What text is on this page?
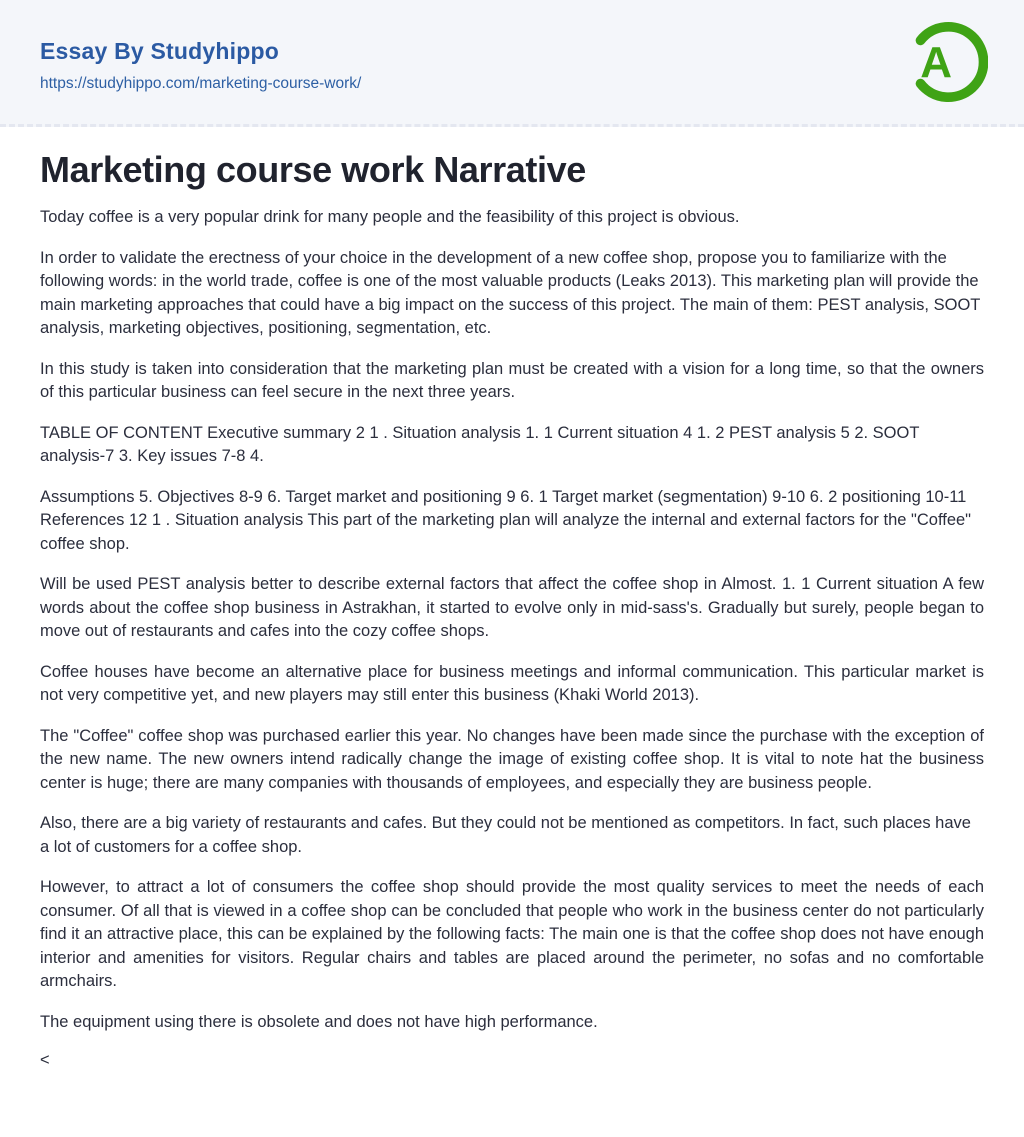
Essay By Studyhippo
https://studyhippo.com/marketing-course-work/	A
Marketing course work Narrative

Today coffee is a very popular drink for many people and the feasibility of this project is obvious.

In order to validate the erectness of your choice in the development of a new coffee shop, propose you to familiarize with the following words: in the world trade, coffee is one of the most valuable products (Leaks 2013). This marketing plan will provide the main marketing approaches that could have a big impact on the success of this project. The main of them: PEST analysis, SOOT analysis, marketing objectives, positioning, segmentation, etc.

In this study is taken into consideration that the marketing plan must be created with a vision for a long time, so that the owners of this particular business can feel secure in the next three years.

TABLE OF CONTENT Executive summary 2 1 . Situation analysis 1. 1 Current situation 4 1. 2 PEST analysis 5 2. SOOT analysis-7 3. Key issues 7-8 4.

Assumptions 5. Objectives 8-9 6. Target market and positioning 9 6. 1 Target market (segmentation) 9-10 6. 2 positioning 10-11 References 12 1 . Situation analysis This part of the marketing plan will analyze the internal and external factors for the "Coffee" coffee shop.

Will be used PEST analysis better to describe external factors that affect the coffee shop in Almost. 1. 1 Current situation A few words about the coffee shop business in Astrakhan, it started to evolve only in mid-sass's. Gradually but surely, people began to move out of restaurants and cafes into the cozy coffee shops.

Coffee houses have become an alternative place for business meetings and informal communication. This particular market is not very competitive yet, and new players may still enter this business (Khaki World 2013).

The "Coffee" coffee shop was purchased earlier this year. No changes have been made since the purchase with the exception of the new name. The new owners intend radically change the image of existing coffee shop. It is vital to note hat the business center is huge; there are many companies with thousands of employees, and especially they are business people.

Also, there are a big variety of restaurants and cafes. But they could not be mentioned as competitors. In fact, such places have a lot of customers for a coffee shop.

However, to attract a lot of consumers the coffee shop should provide the most quality services to meet the needs of each consumer. Of all that is viewed in a coffee shop can be concluded that people who work in the business center do not particularly find it an attractive place, this can be explained by the following facts: The main one is that the coffee shop does not have enough interior and amenities for visitors. Regular chairs and tables are placed around the perimeter, no sofas and no comfortable armchairs.

The equipment using there is obsolete and does not have high performance.

<
